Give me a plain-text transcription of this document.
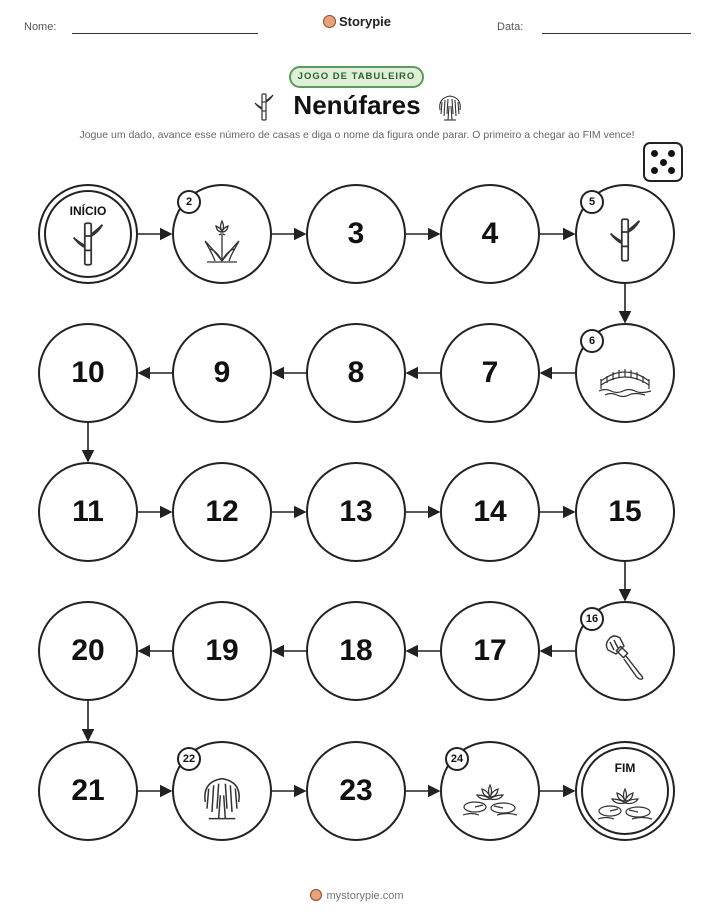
Nome:	Storypie	Data:
JOGO DE TABULEIRO
Nenúfares
Jogue um dado, avance esse número de casas e diga o nome da figura onde parar. O primeiro a chegar ao FIM vence!
INÍCIO
2
3	4
5
6
7
8
9
10
11	12	13	14	15
16
17
18
19
20
21
22
23
24
FIM
mystorypie.com
